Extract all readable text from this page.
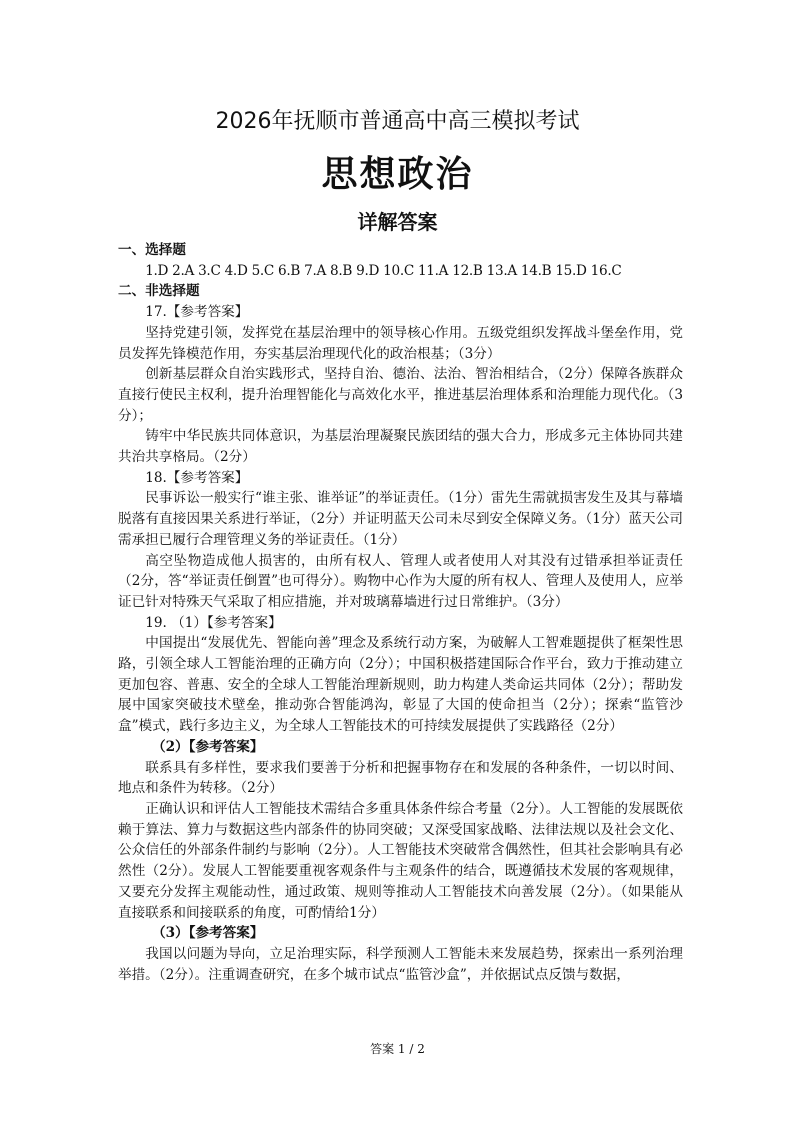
2026年抚顺市普通高中高三模拟考试
思想政治
详解答案
一、选择题
1.D 2.A 3.C 4.D 5.C 6.B 7.A 8.B 9.D 10.C 11.A 12.B 13.A 14.B 15.D 16.C
二、非选择题
17.【参考答案】

坚持党建引领，发挥党在基层治理中的领导核心作用。五级党组织发挥战斗堡垒作用，党员发挥先锋模范作用，夯实基层治理现代化的政治根基；（3分）

创新基层群众自治实践形式，坚持自治、德治、法治、智治相结合，（2分）保障各族群众直接行使民主权利，提升治理智能化与高效化水平，推进基层治理体系和治理能力现代化。（3分）；

铸牢中华民族共同体意识，为基层治理凝聚民族团结的强大合力，形成多元主体协同共建共治共享格局。（2分）

18.【参考答案】

民事诉讼一般实行“谁主张、谁举证”的举证责任。（1分）雷先生需就损害发生及其与幕墙脱落有直接因果关系进行举证，（2分）并证明蓝天公司未尽到安全保障义务。（1分）蓝天公司需承担已履行合理管理义务的举证责任。（1分）

高空坠物造成他人损害的，由所有权人、管理人或者使用人对其没有过错承担举证责任（2分，答“举证责任倒置”也可得分）。购物中心作为大厦的所有权人、管理人及使用人，应举证已针对特殊天气采取了相应措施，并对玻璃幕墙进行过日常维护。（3分）

19. （1）【参考答案】

中国提出“发展优先、智能向善”理念及系统行动方案，为破解人工智难题提供了框架性思路，引领全球人工智能治理的正确方向（2分）；中国积极搭建国际合作平台，致力于推动建立更加包容、普惠、安全的全球人工智能治理新规则，助力构建人类命运共同体（2分）；帮助发展中国家突破技术壁垒，推动弥合智能鸿沟，彰显了大国的使命担当（2分）；探索“监管沙盒”模式，践行多边主义，为全球人工智能技术的可持续发展提供了实践路径（2分）

（2）【参考答案】

联系具有多样性，要求我们要善于分析和把握事物存在和发展的各种条件，一切以时间、地点和条件为转移。（2分）

正确认识和评估人工智能技术需结合多重具体条件综合考量（2分）。人工智能的发展既依赖于算法、算力与数据这些内部条件的协同突破；又深受国家战略、法律法规以及社会文化、公众信任的外部条件制约与影响（2分）。人工智能技术突破常含偶然性，但其社会影响具有必然性（2分）。发展人工智能要重视客观条件与主观条件的结合，既遵循技术发展的客观规律，又要充分发挥主观能动性，通过政策、规则等推动人工智能技术向善发展（2分）。（如果能从直接联系和间接联系的角度，可酌情给1分）

（3）【参考答案】

我国以问题为导向，立足治理实际，科学预测人工智能未来发展趋势，探索出一系列治理举措。（2分）。注重调查研究，在多个城市试点“监管沙盒”，并依据试点反馈与数据，

答案 1 / 2
